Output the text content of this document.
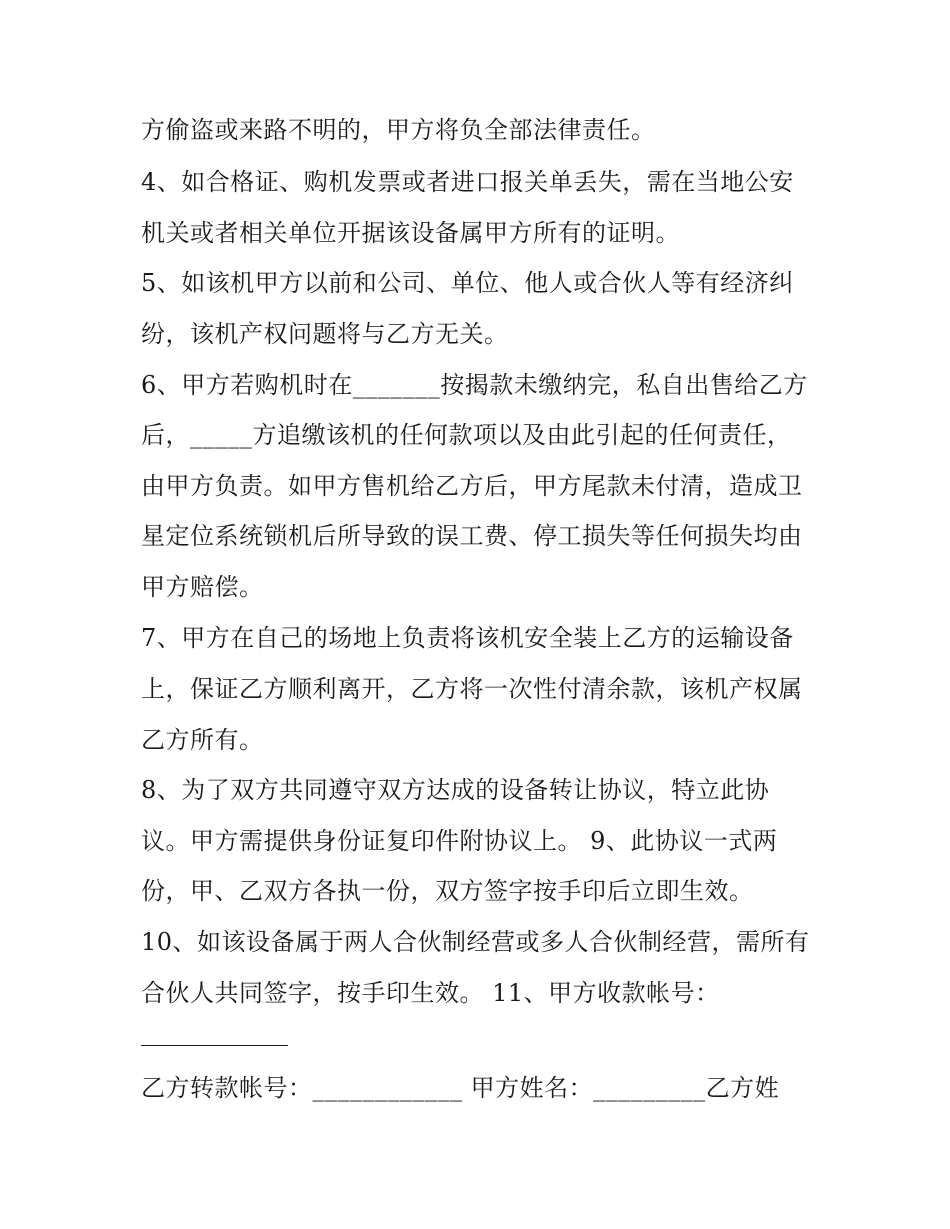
方偷盗或来路不明的，甲方将负全部法律责任。
4、如合格证、购机发票或者进口报关单丢失，需在当地公安
机关或者相关单位开据该设备属甲方所有的证明。
5、如该机甲方以前和公司、单位、他人或合伙人等有经济纠
纷，该机产权问题将与乙方无关。
6、甲方若购机时在_______按揭款未缴纳完，私自出售给乙方
后，_____方追缴该机的任何款项以及由此引起的任何责任，
由甲方负责。如甲方售机给乙方后，甲方尾款未付清，造成卫
星定位系统锁机后所导致的误工费、停工损失等任何损失均由
甲方赔偿。
7、甲方在自己的场地上负责将该机安全装上乙方的运输设备
上，保证乙方顺利离开，乙方将一次性付清余款，该机产权属
乙方所有。
8、为了双方共同遵守双方达成的设备转让协议，特立此协
议。甲方需提供身份证复印件附协议上。 9、此协议一式两
份，甲、乙双方各执一份，双方签字按手印后立即生效。
10、如该设备属于两人合伙制经营或多人合伙制经营，需所有
合伙人共同签字，按手印生效。 11、甲方收款帐号：
乙方转款帐号：____________ 甲方姓名：_________乙方姓
